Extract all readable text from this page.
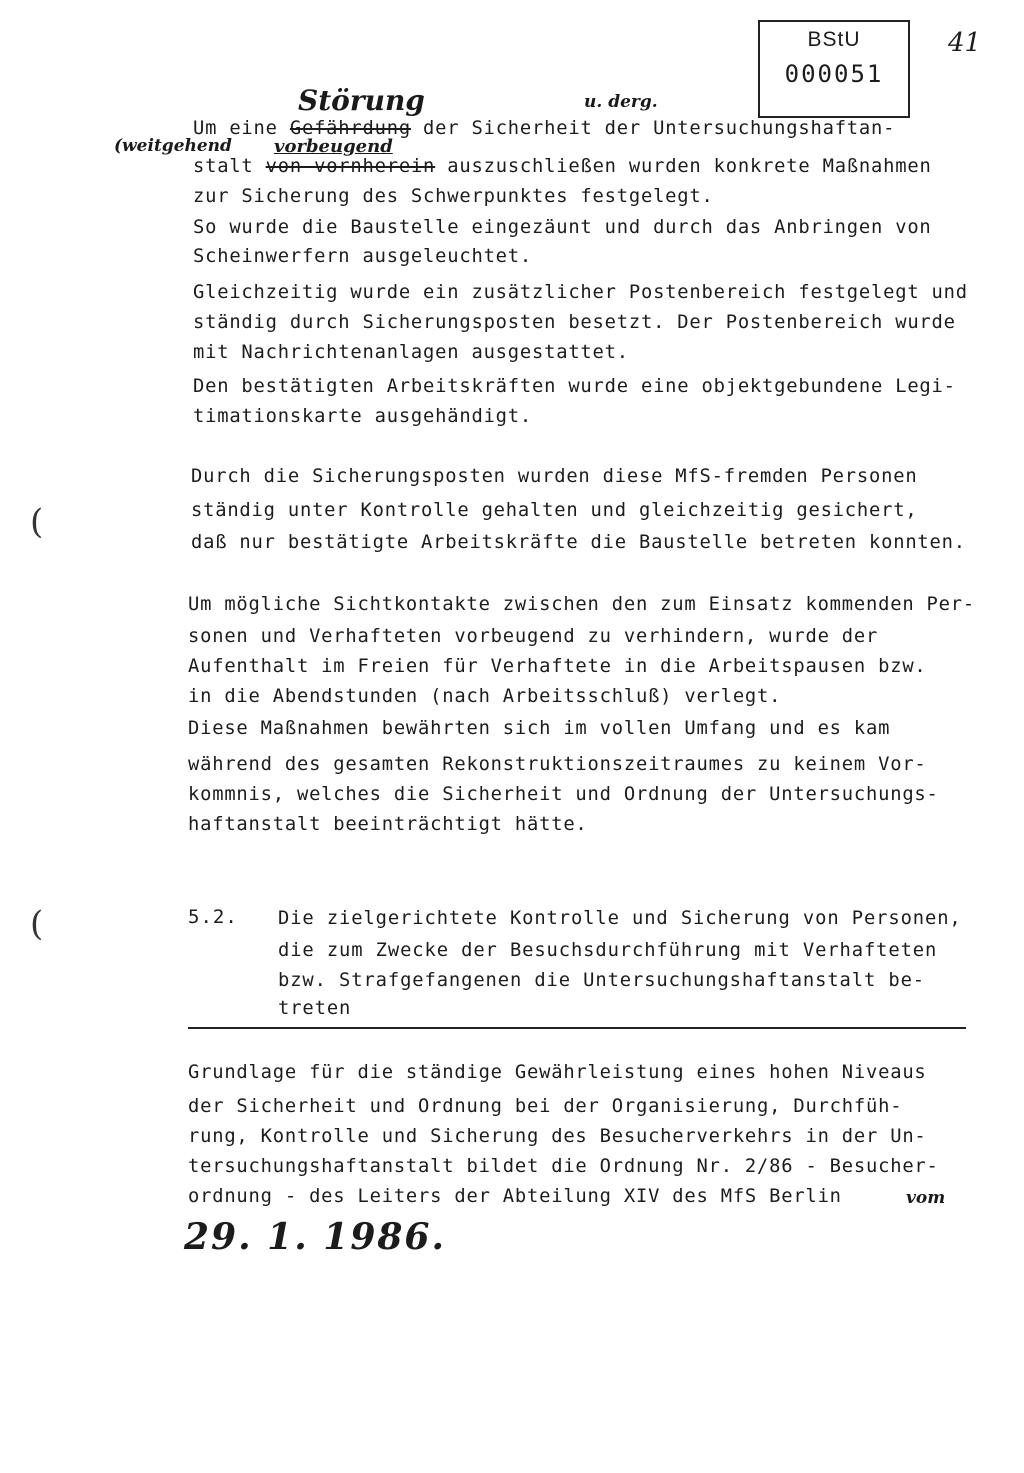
BStU
000051
41
Störung	u. derg.
(weitgehend vorbeugend
vom
(
(
Um eine Gefährdung der Sicherheit der Untersuchungshaftan-
stalt von vornherein auszuschließen wurden konkrete Maßnahmen
zur Sicherung des Schwerpunktes festgelegt.
So wurde die Baustelle eingezäunt und durch das Anbringen von
Scheinwerfern ausgeleuchtet.
Gleichzeitig wurde ein zusätzlicher Postenbereich festgelegt und
ständig durch Sicherungsposten besetzt. Der Postenbereich wurde
mit Nachrichtenanlagen ausgestattet.
Den bestätigten Arbeitskräften wurde eine objektgebundene Legi-
timationskarte ausgehändigt.
Durch die Sicherungsposten wurden diese MfS-fremden Personen
ständig unter Kontrolle gehalten und gleichzeitig gesichert,
daß nur bestätigte Arbeitskräfte die Baustelle betreten konnten.
Um mögliche Sichtkontakte zwischen den zum Einsatz kommenden Per-
sonen und Verhafteten vorbeugend zu verhindern, wurde der
Aufenthalt im Freien für Verhaftete in die Arbeitspausen bzw.
in die Abendstunden (nach Arbeitsschluß) verlegt.
Diese Maßnahmen bewährten sich im vollen Umfang und es kam
während des gesamten Rekonstruktionszeitraumes zu keinem Vor-
kommnis, welches die Sicherheit und Ordnung der Untersuchungs-
haftanstalt beeinträchtigt hätte.
5.2. Die zielgerichtete Kontrolle und Sicherung von Personen,
die zum Zwecke der Besuchsdurchführung mit Verhafteten
bzw. Strafgefangenen die Untersuchungshaftanstalt be-
treten
Grundlage für die ständige Gewährleistung eines hohen Niveaus
der Sicherheit und Ordnung bei der Organisierung, Durchfüh-
rung, Kontrolle und Sicherung des Besucherverkehrs in der Un-
tersuchungshaftanstalt bildet die Ordnung Nr. 2/86 - Besucher-
ordnung - des Leiters der Abteilung XIV des MfS Berlin
29. 1. 1986.
